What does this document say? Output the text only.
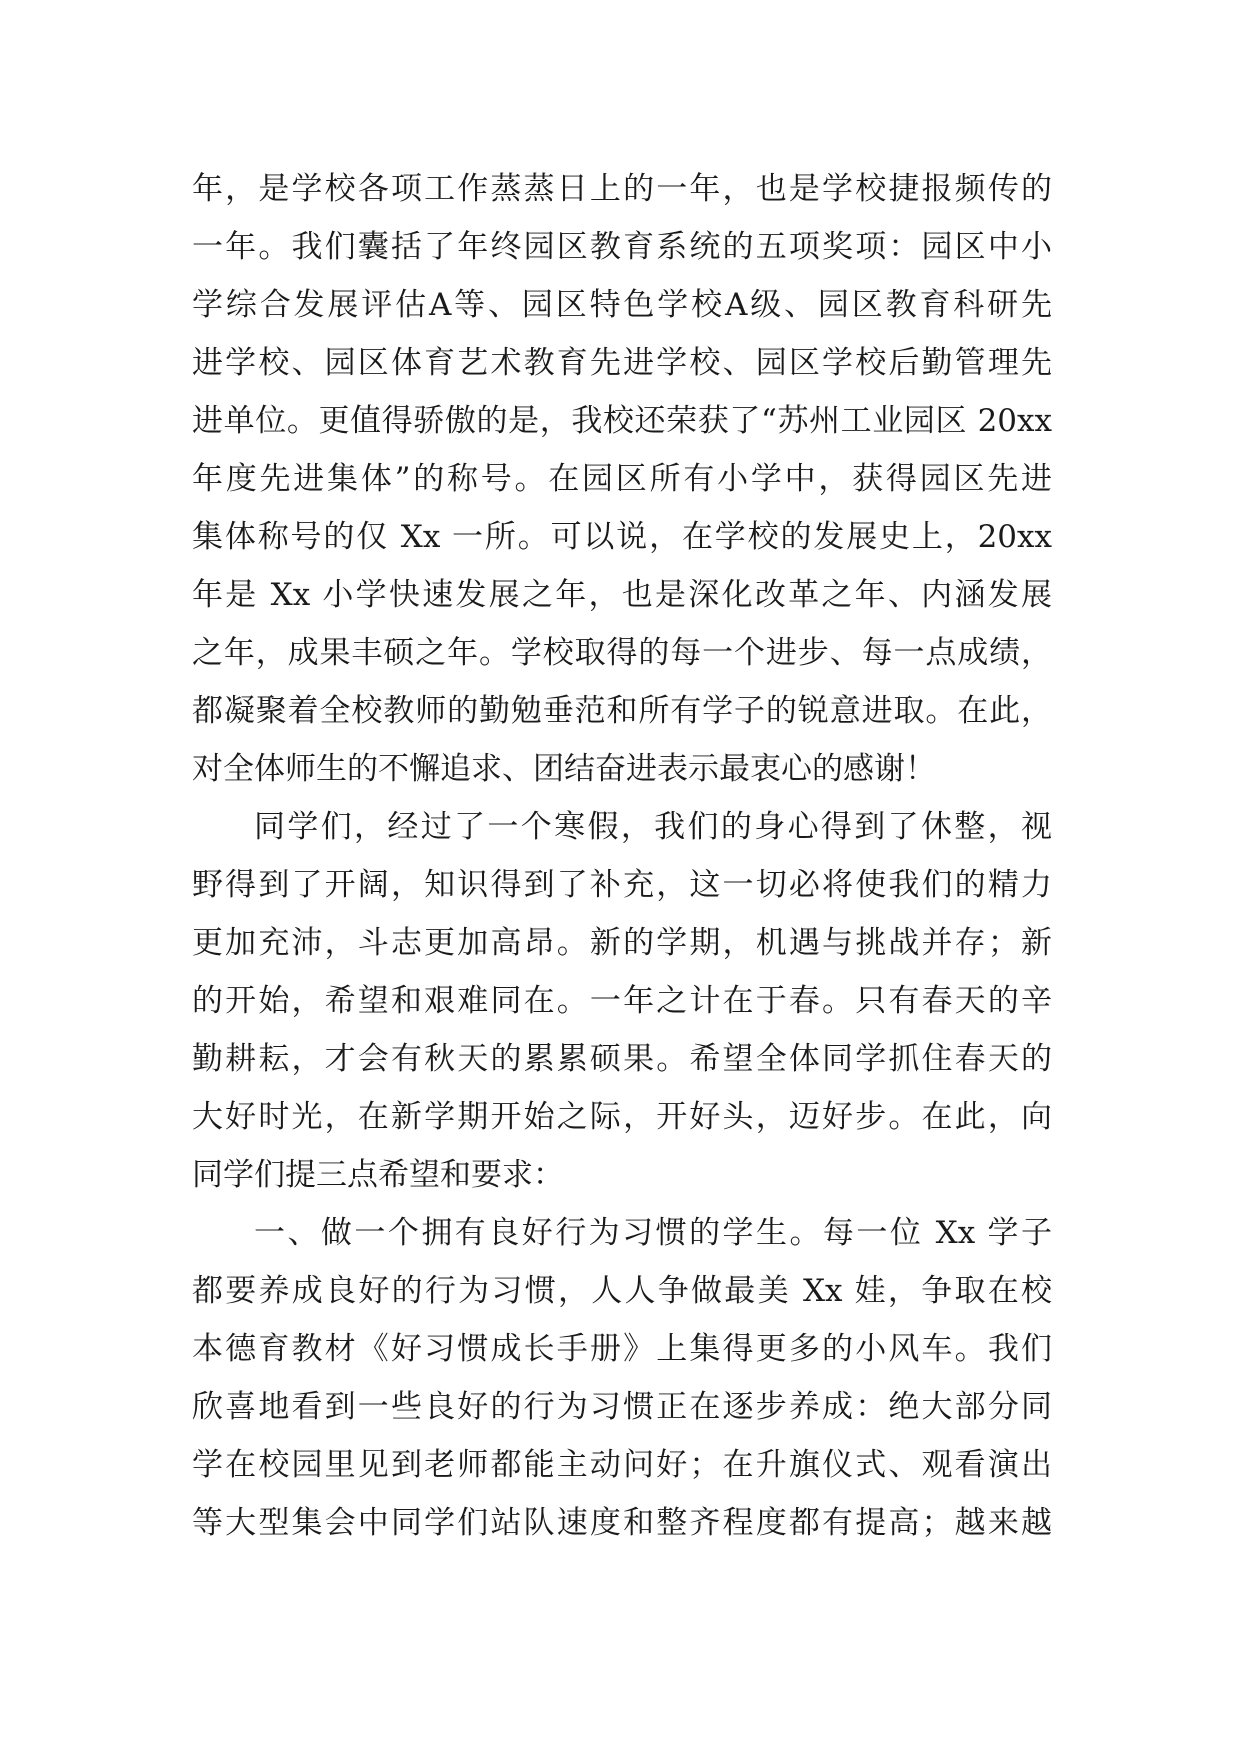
年，是学校各项工作蒸蒸日上的一年，也是学校捷报频传的
一年。我们囊括了年终园区教育系统的五项奖项：园区中小
学综合发展评估A等、园区特色学校A级、园区教育科研先
进学校、园区体育艺术教育先进学校、园区学校后勤管理先
进单位。更值得骄傲的是，我校还荣获了“苏州工业园区 20xx
年度先进集体”的称号。在园区所有小学中，获得园区先进
集体称号的仅 Xx 一所。可以说，在学校的发展史上，20xx
年是 Xx 小学快速发展之年，也是深化改革之年、内涵发展
之年，成果丰硕之年。学校取得的每一个进步、每一点成绩，
都凝聚着全校教师的勤勉垂范和所有学子的锐意进取。在此，
对全体师生的不懈追求、团结奋进表示最衷心的感谢！
同学们，经过了一个寒假，我们的身心得到了休整，视
野得到了开阔，知识得到了补充，这一切必将使我们的精力
更加充沛，斗志更加高昂。新的学期，机遇与挑战并存；新
的开始，希望和艰难同在。一年之计在于春。只有春天的辛
勤耕耘，才会有秋天的累累硕果。希望全体同学抓住春天的
大好时光，在新学期开始之际，开好头，迈好步。在此，向
同学们提三点希望和要求：
一、做一个拥有良好行为习惯的学生。每一位 Xx 学子
都要养成良好的行为习惯，人人争做最美 Xx 娃，争取在校
本德育教材《好习惯成长手册》上集得更多的小风车。我们
欣喜地看到一些良好的行为习惯正在逐步养成：绝大部分同
学在校园里见到老师都能主动问好；在升旗仪式、观看演出
等大型集会中同学们站队速度和整齐程度都有提高；越来越
